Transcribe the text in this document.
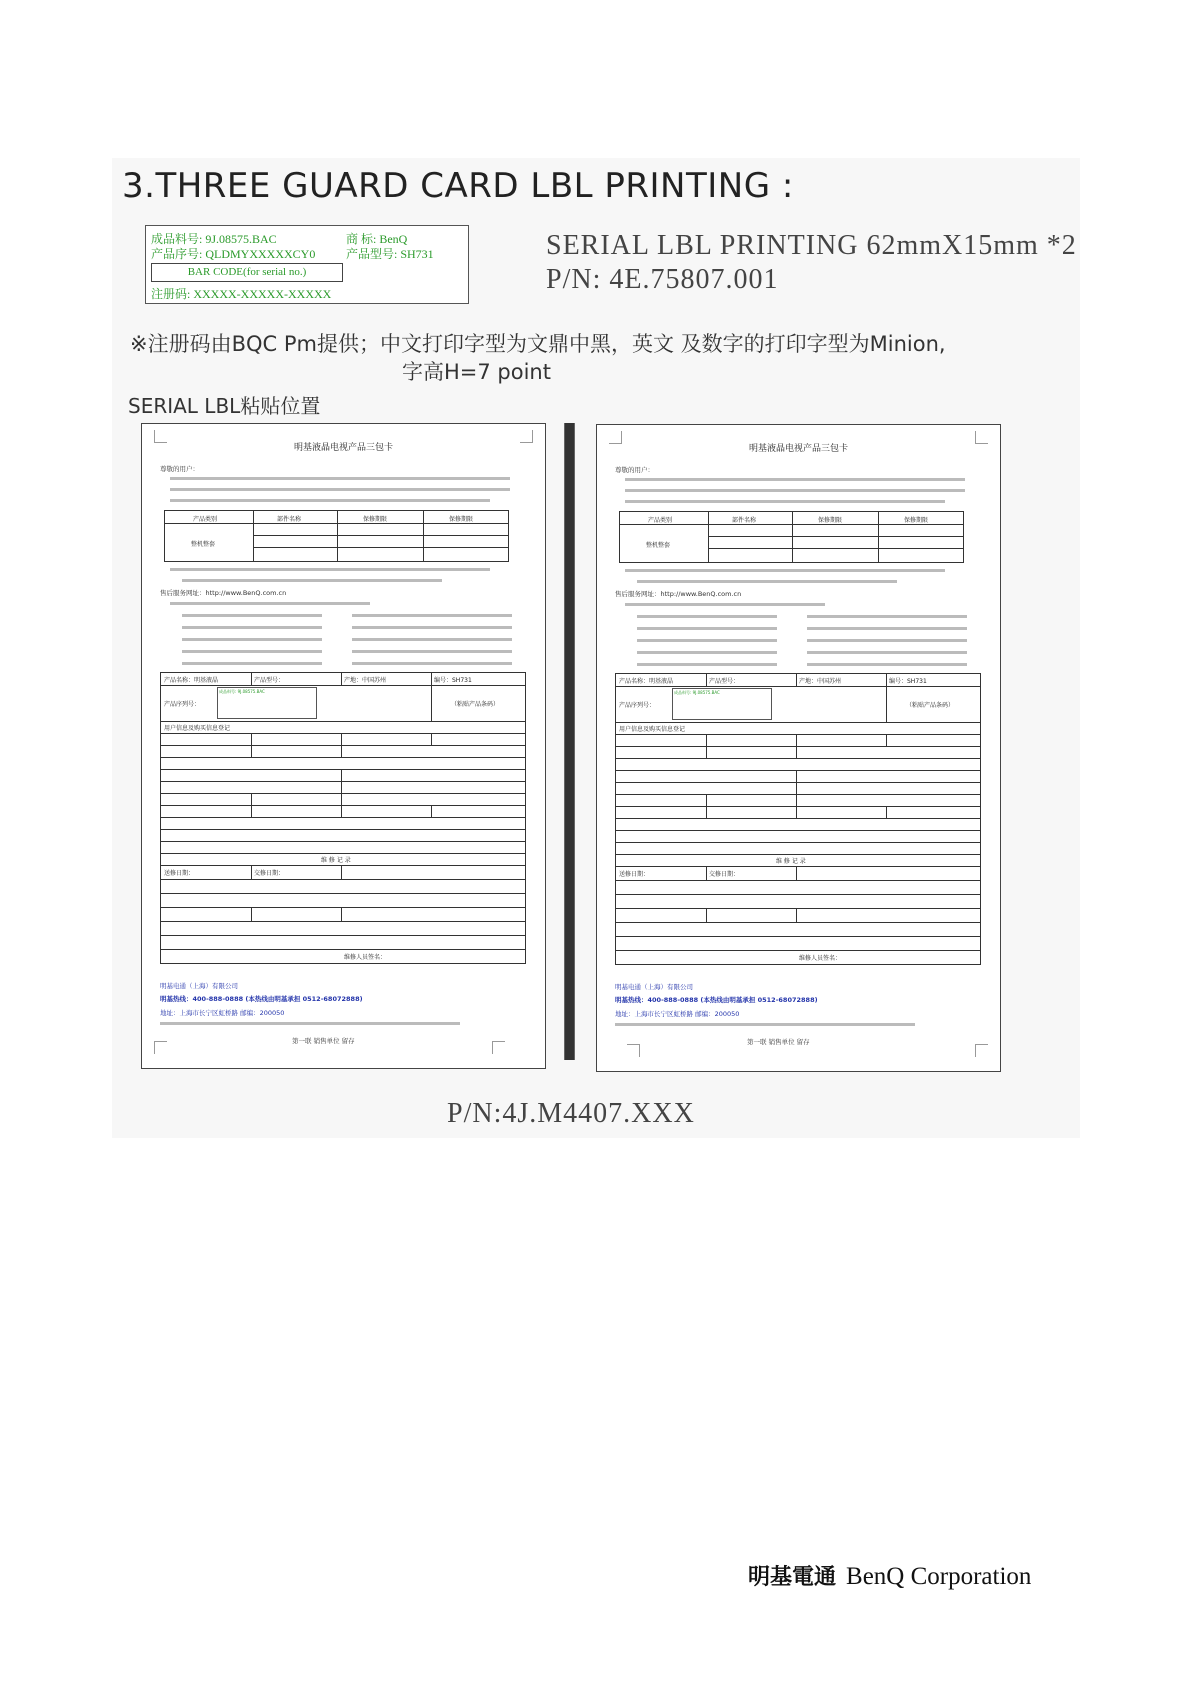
3.THREE GUARD CARD LBL PRINTING :
成品料号: 9J.08575.BAC	商 标: BenQ
产品序号: QLDMYXXXXXCY0	产品型号: SH731
BAR CODE(for serial no.)
注册码: XXXXX-XXXXX-XXXXX
SERIAL LBL PRINTING 62mmX15mm *2
P/N: 4E.75807.001
※注册码由BQC Pm提供；中文打印字型为文鼎中黑，英文 及数字的打印字型为Minion,
字高H=7 point
SERIAL LBL粘贴位置
明基液晶电视产品三包卡
尊敬的用户：
产品类别	部件名称	保修期限	保修期限
整机整套
售后服务网址：http://www.BenQ.com.cn
产品名称：明基液晶	产品型号：	产地：中国苏州	编号：SH731
产品序列号：
成品料号: 9J.08575.BAC
（粘贴产品条码）
用户信息及购买信息登记
维 修 记 录
送修日期：	交修日期：
维修人员签名：
明基电通（上海）有限公司
明基热线：400-888-0888 (本热线由明基承担 0512-68072888)
地址：上海市长宁区虹桥路 邮编：200050
第一联 销售单位 留存
明基液晶电视产品三包卡
尊敬的用户：
产品类别	部件名称	保修期限	保修期限
整机整套
售后服务网址：http://www.BenQ.com.cn
产品名称：明基液晶	产品型号：	产地：中国苏州	编号：SH731
产品序列号：
成品料号: 9J.08575.BAC
（粘贴产品条码）
用户信息及购买信息登记
维 修 记 录
送修日期：	交修日期：
维修人员签名：
明基电通（上海）有限公司
明基热线：400-888-0888 (本热线由明基承担 0512-68072888)
地址：上海市长宁区虹桥路 邮编：200050
第一联 销售单位 留存
P/N:4J.M4407.XXX
明基電通 BenQ Corporation
